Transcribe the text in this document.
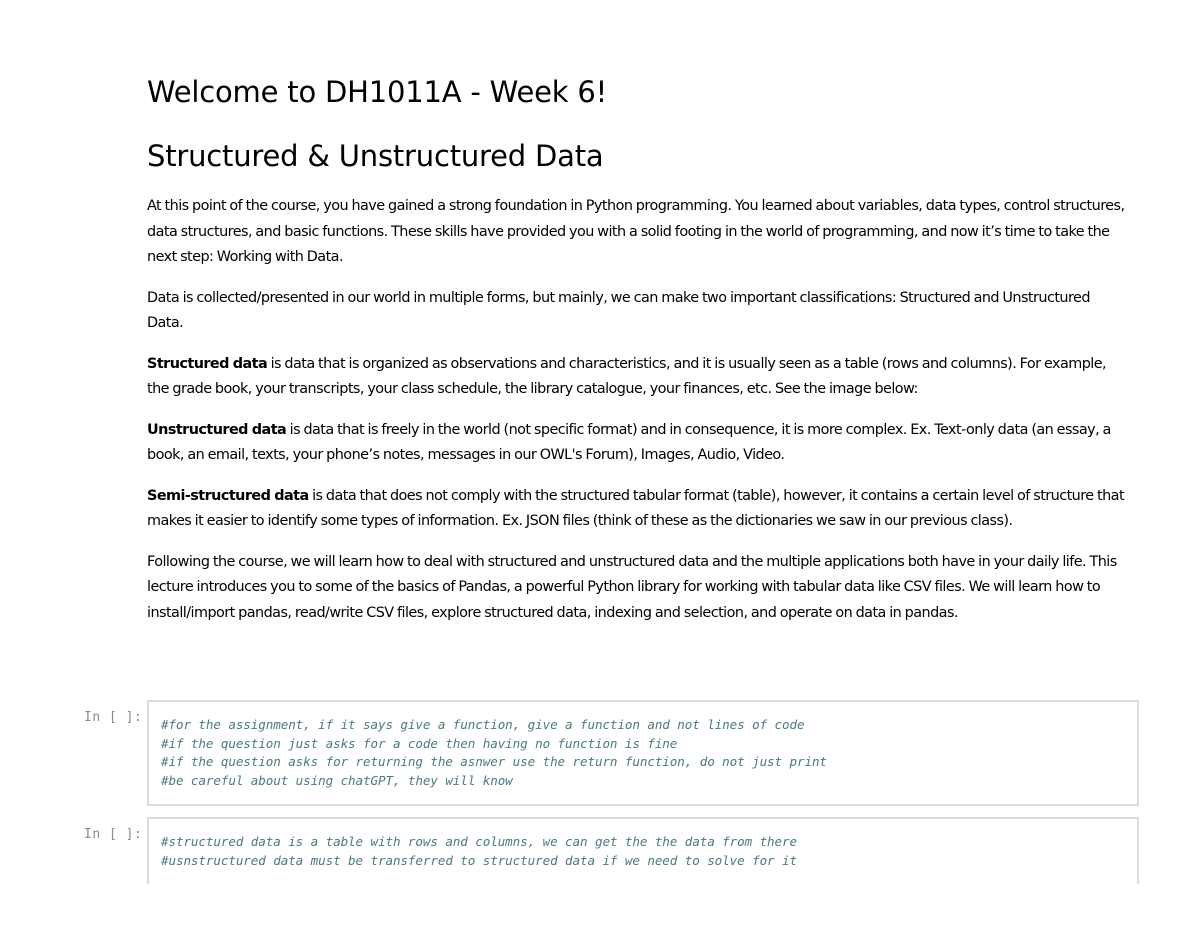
Welcome to DH1011A - Week 6!
Structured & Unstructured Data

At this point of the course, you have gained a strong foundation in Python programming. You learned about variables, data types, control structures, data structures, and basic functions. These skills have provided you with a solid footing in the world of programming, and now it’s time to take the next step: Working with Data.

Data is collected/presented in our world in multiple forms, but mainly, we can make two important classifications: Structured and Unstructured Data.

Structured data is data that is organized as observations and characteristics, and it is usually seen as a table (rows and columns). For example, the grade book, your transcripts, your class schedule, the library catalogue, your finances, etc. See the image below:

Unstructured data is data that is freely in the world (not specific format) and in consequence, it is more complex. Ex. Text-only data (an essay, a book, an email, texts, your phone’s notes, messages in our OWL's Forum), Images, Audio, Video.

Semi-structured data is data that does not comply with the structured tabular format (table), however, it contains a certain level of structure that makes it easier to identify some types of information. Ex. JSON files (think of these as the dictionaries we saw in our previous class).

Following the course, we will learn how to deal with structured and unstructured data and the multiple applications both have in your daily life. This lecture introduces you to some of the basics of Pandas, a powerful Python library for working with tabular data like CSV files. We will learn how to install/import pandas, read/write CSV files, explore structured data, indexing and selection, and operate on data in pandas.

In [ ]: #for the assignment, if it says give a function, give a function and not lines of code
#if the question just asks for a code then having no function is fine
#if the question asks for returning the asnwer use the return function, do not just print
#be careful about using chatGPT, they will know
In [ ]: #structured data is a table with rows and columns, we can get the the data from there
#usnstructured data must be transferred to structured data if we need to solve for it
